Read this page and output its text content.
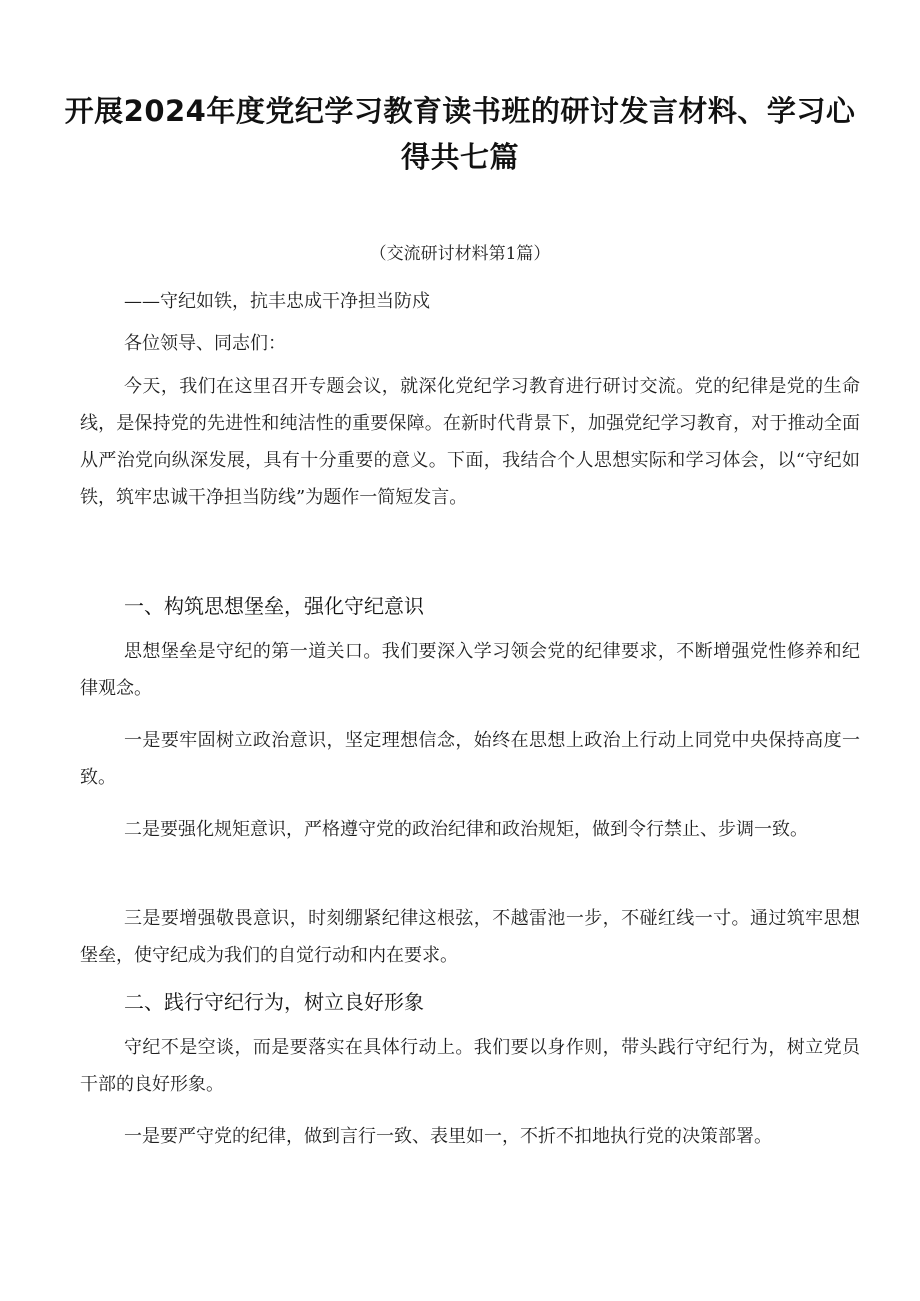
开展2024年度党纪学习教育读书班的研讨发言材料、学习心得共七篇
（交流研讨材料第1篇）

——守纪如铁，抗丰忠成干净担当防戍

各位领导、同志们：

今天，我们在这里召开专题会议，就深化党纪学习教育进行研讨交流。党的纪律是党的生命线，是保持党的先进性和纯洁性的重要保障。在新时代背景下，加强党纪学习教育，对于推动全面从严治党向纵深发展，具有十分重要的意义。下面，我结合个人思想实际和学习体会，以“守纪如铁，筑牢忠诚干净担当防线”为题作一简短发言。

一、构筑思想堡垒，强化守纪意识

思想堡垒是守纪的第一道关口。我们要深入学习领会党的纪律要求，不断增强党性修养和纪律观念。

一是要牢固树立政治意识，坚定理想信念，始终在思想上政治上行动上同党中央保持高度一致。

二是要强化规矩意识，严格遵守党的政治纪律和政治规矩，做到令行禁止、步调一致。

三是要增强敬畏意识，时刻绷紧纪律这根弦，不越雷池一步，不碰红线一寸。通过筑牢思想堡垒，使守纪成为我们的自觉行动和内在要求。

二、践行守纪行为，树立良好形象

守纪不是空谈，而是要落实在具体行动上。我们要以身作则，带头践行守纪行为，树立党员干部的良好形象。

一是要严守党的纪律，做到言行一致、表里如一，不折不扣地执行党的决策部署。
